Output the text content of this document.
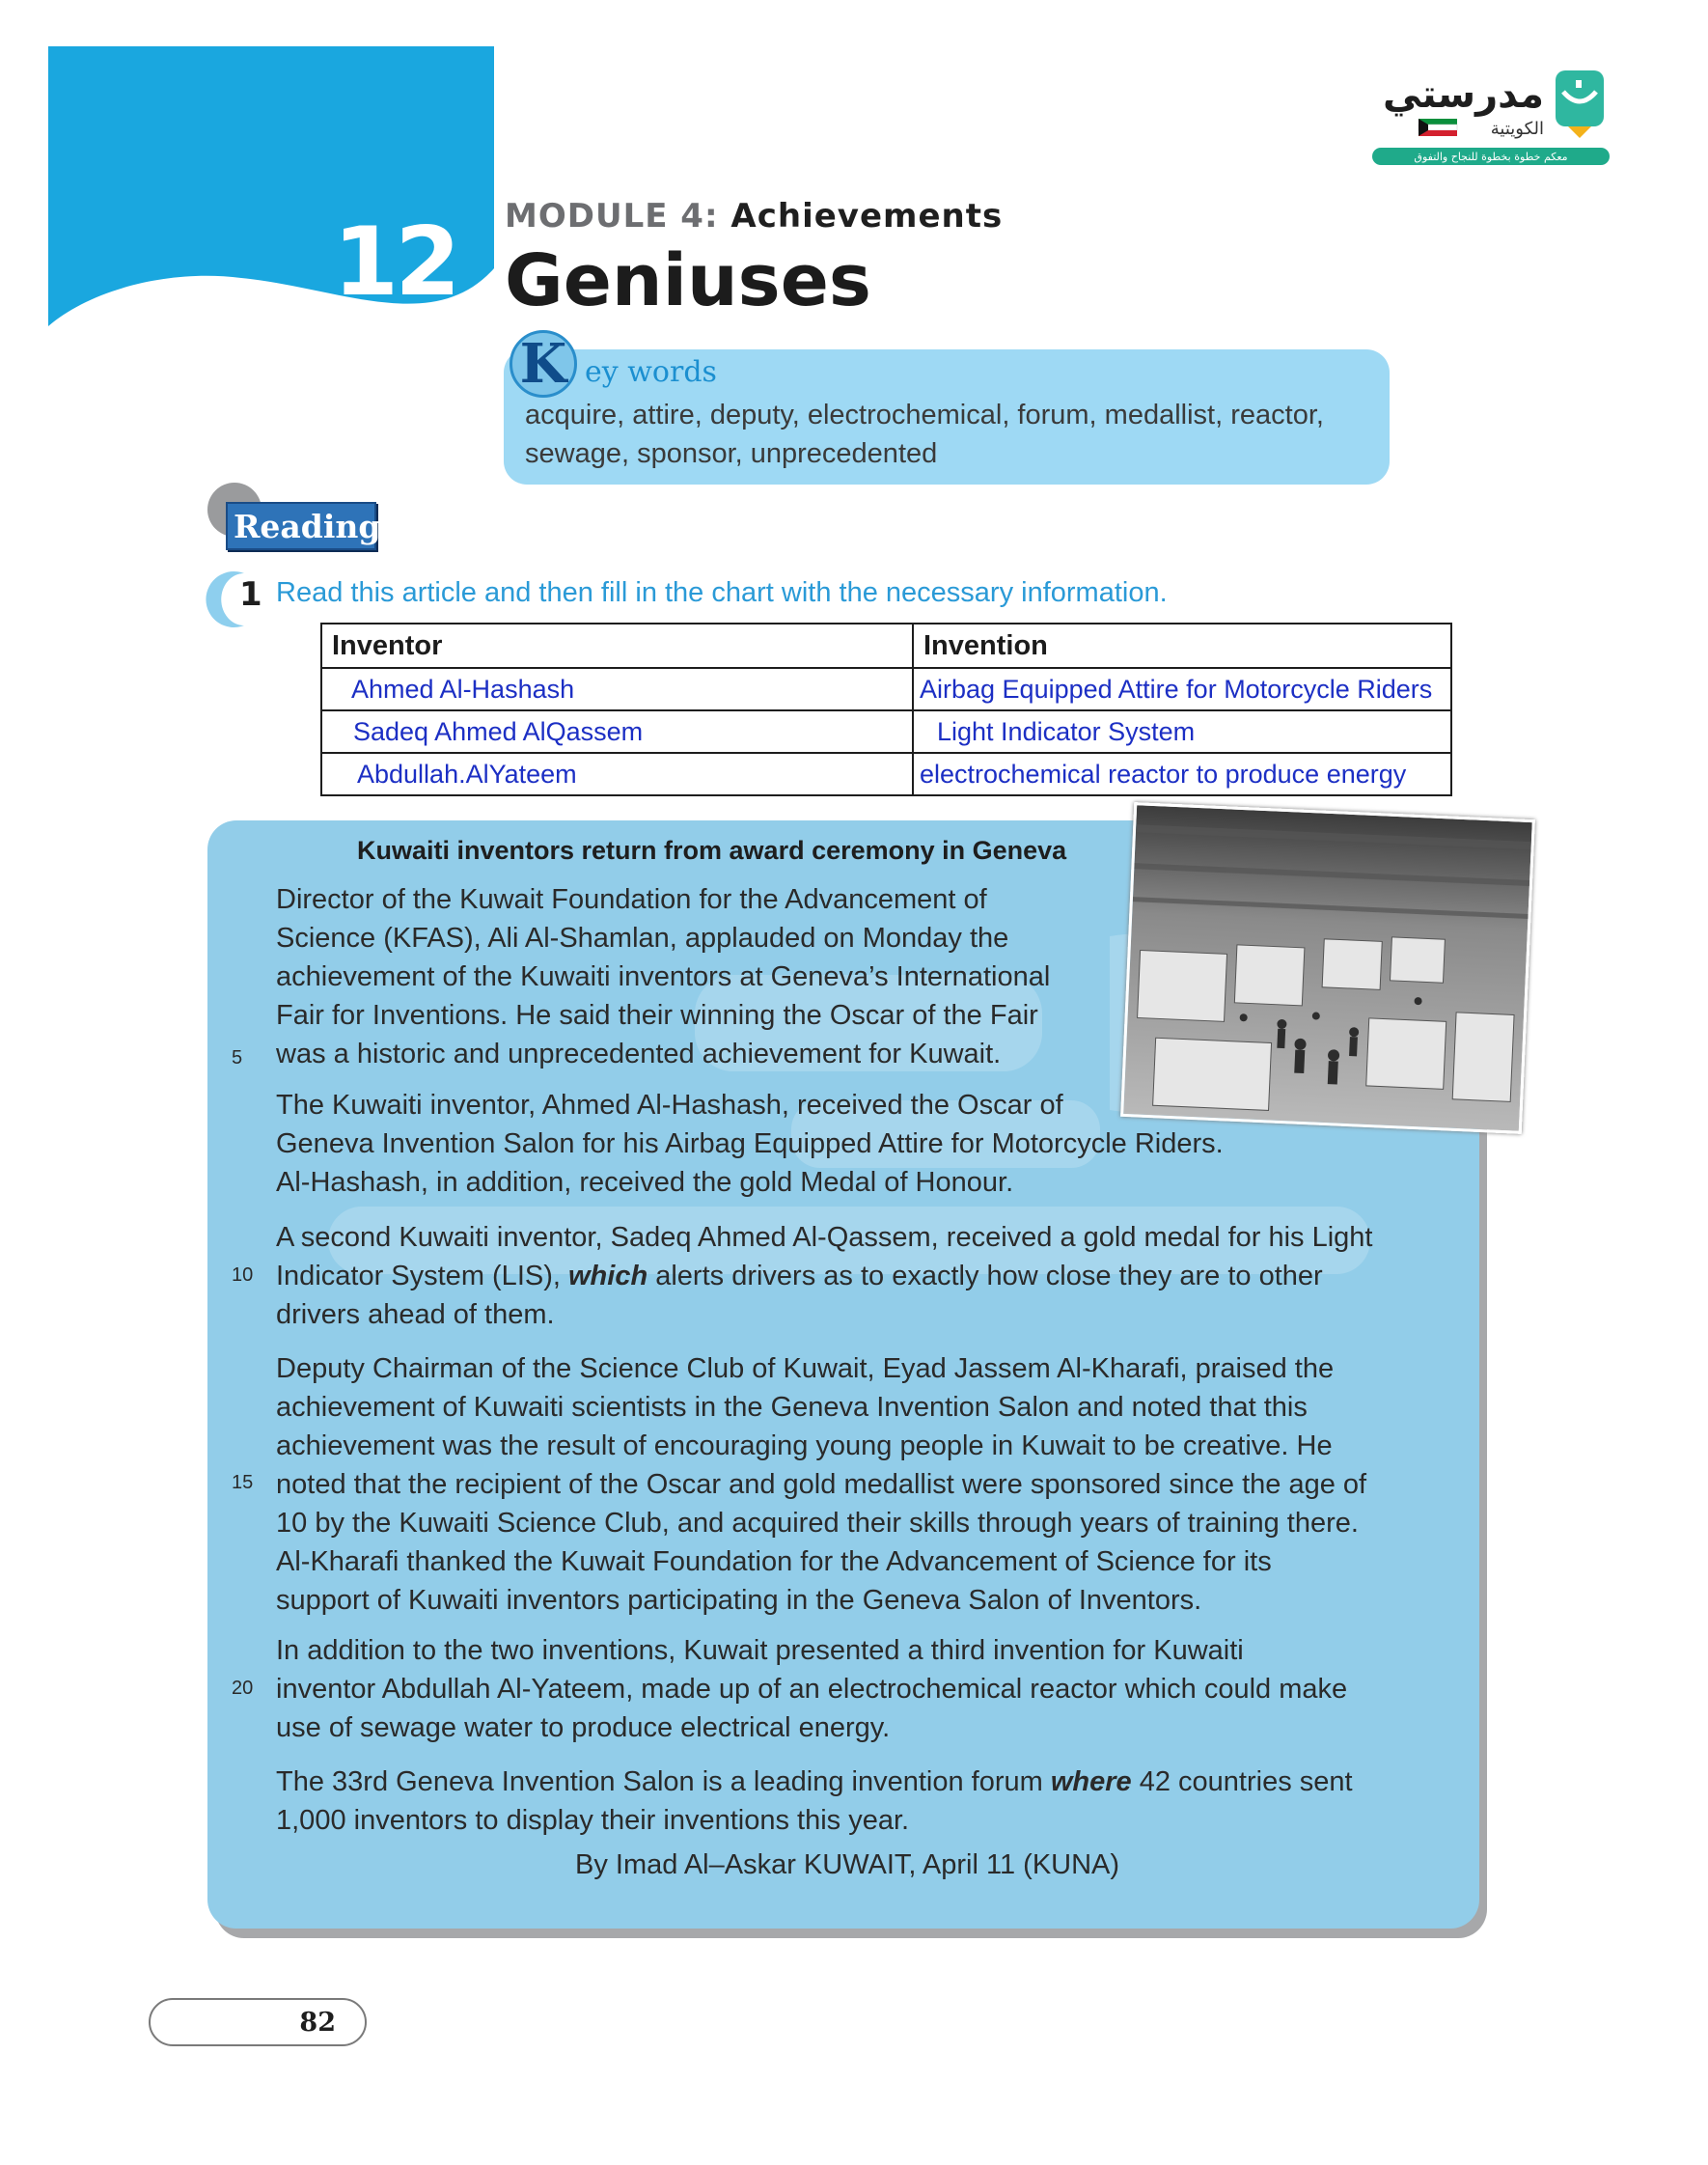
12 MODULE 4: Achievements
Geniuses
معكم خطوة بخطوة للنجاح والتفوق
مدرستي
الكويتية
K ey words
acquire, attire, deputy, electrochemical, forum, medallist, reactor,
sewage, sponsor, unprecedented
Reading
1 Read this article and then fill in the chart with the necessary information.
Inventor	Invention
Ahmed Al-Hashash	Airbag Equipped Attire for Motorcycle Riders
Sadeq Ahmed AlQassem	Light Indicator System
Abdullah.AlYateem	electrochemical reactor to produce energy
Kuwaiti inventors return from award ceremony in Geneva
Director of the Kuwait Foundation for the Advancement of
Science (KFAS), Ali Al-Shamlan, applauded on Monday the
achievement of the Kuwaiti inventors at Geneva’s International
Fair for Inventions. He said their winning the Oscar of the Fair
was a historic and unprecedented achievement for Kuwait.
5
The Kuwaiti inventor, Ahmed Al-Hashash, received the Oscar of
Geneva Invention Salon for his Airbag Equipped Attire for Motorcycle Riders.
Al-Hashash, in addition, received the gold Medal of Honour.
A second Kuwaiti inventor, Sadeq Ahmed Al-Qassem, received a gold medal for his Light
Indicator System (LIS), which alerts drivers as to exactly how close they are to other
drivers ahead of them.
10
Deputy Chairman of the Science Club of Kuwait, Eyad Jassem Al-Kharafi, praised the
achievement of Kuwaiti scientists in the Geneva Invention Salon and noted that this
achievement was the result of encouraging young people in Kuwait to be creative. He
noted that the recipient of the Oscar and gold medallist were sponsored since the age of
10 by the Kuwaiti Science Club, and acquired their skills through years of training there.
Al-Kharafi thanked the Kuwait Foundation for the Advancement of Science for its
support of Kuwaiti inventors participating in the Geneva Salon of Inventors.
15
In addition to the two inventions, Kuwait presented a third invention for Kuwaiti
inventor Abdullah Al-Yateem, made up of an electrochemical reactor which could make
use of sewage water to produce electrical energy.
20
The 33rd Geneva Invention Salon is a leading invention forum where 42 countries sent
1,000 inventors to display their inventions this year.
By Imad Al–Askar KUWAIT, April 11 (KUNA)
82
